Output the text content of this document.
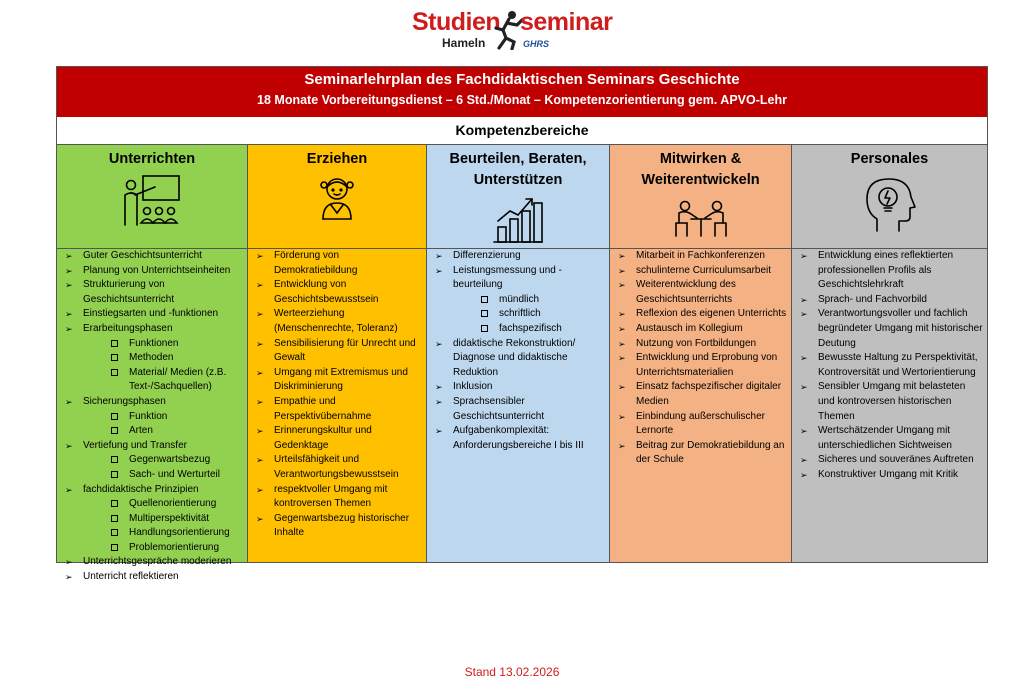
Studien seminar
Hameln	GHRS
Seminarlehrplan des Fachdidaktischen Seminars Geschichte
18 Monate Vorbereitungsdienst – 6 Std./Monat – Kompetenzorientierung gem. APVO-Lehr
Kompetenzbereiche
Unterrichten
➢ Guter Geschichtsunterricht
➢ Planung von Unterrichtseinheiten
➢ Strukturierung von Geschichtsunterricht
➢ Einstiegsarten und -funktionen
➢ Erarbeitungsphasen
Funktionen
Methoden
Material/ Medien (z.B. Text-/Sachquellen)
➢ Sicherungsphasen
Funktion
Arten
➢ Vertiefung und Transfer
Gegenwartsbezug
Sach- und Werturteil
➢ fachdidaktische Prinzipien
Quellenorientierung
Multiperspektivität
Handlungsorientierung
Problemorientierung
➢ Unterrichtsgespräche moderieren
➢ Unterricht reflektieren
Erziehen
➢ Förderung von Demokratiebildung
➢ Entwicklung von Geschichtsbewusstsein
➢ Werteerziehung (Menschenrechte, Toleranz)
➢ Sensibilisierung für Unrecht und Gewalt
➢ Umgang mit Extremismus und Diskriminierung
➢ Empathie und Perspektivübernahme
➢ Erinnerungskultur und Gedenktage
➢ Urteilsfähigkeit und Verantwortungsbewusstsein
➢ respektvoller Umgang mit kontroversen Themen
➢ Gegenwartsbezug historischer Inhalte
Beurteilen, Beraten, Unterstützen
➢ Differenzierung
➢ Leistungsmessung und -beurteilung
mündlich
schriftlich
fachspezifisch
➢ didaktische Rekonstruktion/ Diagnose und didaktische Reduktion
➢ Inklusion
➢ Sprachsensibler Geschichtsunterricht
➢ Aufgabenkomplexität: Anforderungsbereiche I bis III
Mitwirken & Weiterentwickeln
➢ Mitarbeit in Fachkonferenzen
➢ schulinterne Curriculumsarbeit
➢ Weiterentwicklung des Geschichtsunterrichts
➢ Reflexion des eigenen Unterrichts
➢ Austausch im Kollegium
➢ Nutzung von Fortbildungen
➢ Entwicklung und Erprobung von Unterrichtsmaterialien
➢ Einsatz fachspezifischer digitaler Medien
➢ Einbindung außerschulischer Lernorte
➢ Beitrag zur Demokratiebildung an der Schule
Personales
➢ Entwicklung eines reflektierten professionellen Profils als Geschichtslehrkraft
➢ Sprach- und Fachvorbild
➢ Verantwortungsvoller und fachlich begründeter Umgang mit historischer Deutung
➢ Bewusste Haltung zu Perspektivität, Kontroversität und Wertorientierung
➢ Sensibler Umgang mit belasteten und kontroversen historischen Themen
➢ Wertschätzender Umgang mit unterschiedlichen Sichtweisen
➢ Sicheres und souveränes Auftreten
➢ Konstruktiver Umgang mit Kritik
Stand 13.02.2026
